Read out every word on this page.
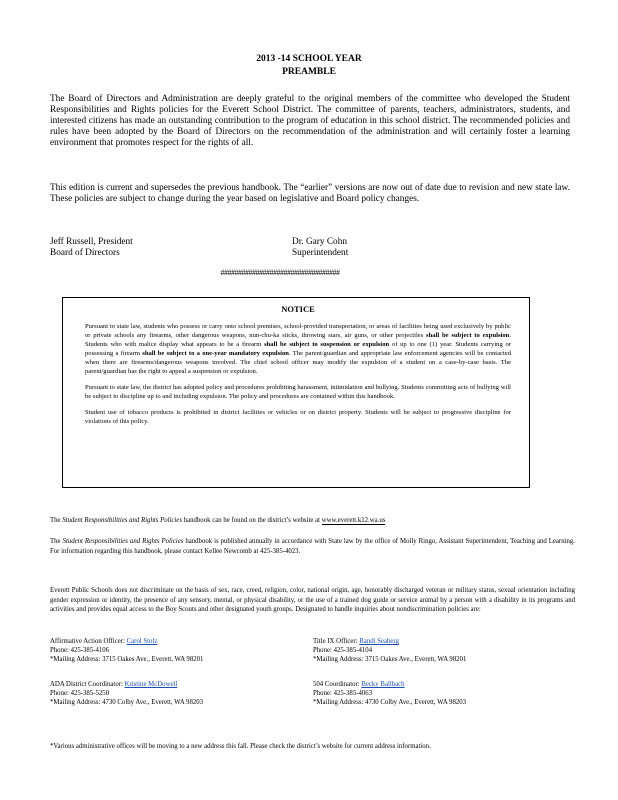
2013 -14 SCHOOL YEAR
PREAMBLE

The Board of Directors and Administration are deeply grateful to the original members of the committee who developed the Student Responsibilities and Rights policies for the Everett School District. The committee of parents, teachers, administrators, students, and interested citizens has made an outstanding contribution to the program of education in this school district. The recommended policies and rules have been adopted by the Board of Directors on the recommendation of the administration and will certainly foster a learning environment that promotes respect for the rights of all.

This edition is current and supersedes the previous handbook. The “earlier” versions are now out of date due to revision and new state law. These policies are subject to change during the year based on legislative and Board policy changes.

Jeff Russell, President
Board of Directors
Dr. Gary Cohn
Superintendent
##################################
NOTICE

Pursuant to state law, students who possess or carry onto school premises, school-provided transportation, or areas of facilities being used exclusively by public or private schools any firearms, other dangerous weapons, nun-chu-ka sticks, throwing stars, air guns, or other projectiles shall be subject to expulsion. Students who with malice display what appears to be a firearm shall be subject to suspension or expulsion of up to one (1) year. Students carrying or possessing a firearm shall be subject to a one-year mandatory expulsion. The parent/guardian and appropriate law enforcement agencies will be contacted when there are firearms/dangerous weapons involved. The chief school officer may modify the expulsion of a student on a case-by-case basis. The parent/guardian has the right to appeal a suspension or expulsion.

Pursuant to state law, the district has adopted policy and procedures prohibiting harassment, intimidation and bullying. Students committing acts of bullying will be subject to discipline up to and including expulsion. The policy and procedures are contained within this handbook.

Student use of tobacco products is prohibited in district facilities or vehicles or on district property. Students will be subject to progressive discipline for violations of this policy.

The Student Responsibilities and Rights Policies handbook can be found on the district’s website at www.everett.k12.wa.us

The Student Responsibilities and Rights Policies handbook is published annually in accordance with State law by the office of Molly Ringo, Assistant Superintendent, Teaching and Learning. For information regarding this handbook, please contact Kellee Newcomb at 425-385-4023.

Everett Public Schools does not discriminate on the basis of sex, race, creed, religion, color, national origin, age, honorably discharged veteran or military status, sexual orientation including gender expression or identity, the presence of any sensory, mental, or physical disability, or the use of a trained dog guide or service animal by a person with a disability in its programs and activities and provides equal access to the Boy Scouts and other designated youth groups. Designated to handle inquiries about nondiscrimination policies are:

Affirmative Action Officer: Carol Stolz
Phone: 425-385-4106
*Mailing Address: 3715 Oakes Ave., Everett, WA 98201
Title IX Officer: Randi Seaberg
Phone: 425-385-4104
*Mailing Address: 3715 Oakes Ave., Everett, WA 98201
ADA District Coordinator: Kristine McDowell
Phone: 425-385-5250
*Mailing Address: 4730 Colby Ave., Everett, WA 98203
504 Coordinator: Becky Ballbach
Phone: 425-385-4063
*Mailing Address: 4730 Colby Ave., Everett, WA 98203

*Various administrative offices will be moving to a new address this fall. Please check the district’s website for current address information.
